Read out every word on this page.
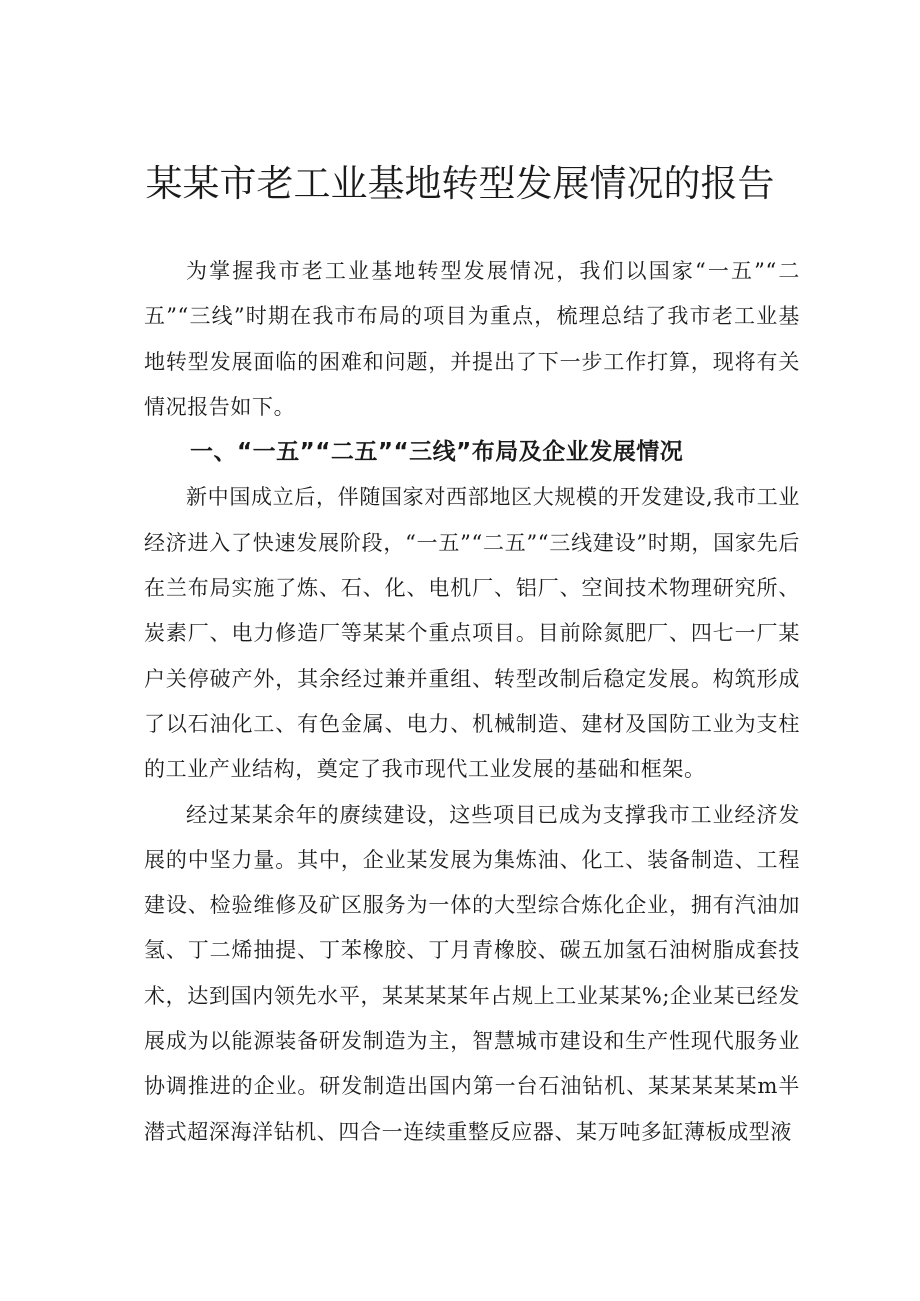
某某市老工业基地转型发展情况的报告

为掌握我市老工业基地转型发展情况，我们以国家“一五”“二五”“三线”时期在我市布局的项目为重点，梳理总结了我市老工业基地转型发展面临的困难和问题，并提出了下一步工作打算，现将有关情况报告如下。

一、“一五”“二五”“三线”布局及企业发展情况

新中国成立后，伴随国家对西部地区大规模的开发建设,我市工业经济进入了快速发展阶段，“一五”“二五”“三线建设”时期，国家先后在兰布局实施了炼、石、化、电机厂、铝厂、空间技术物理研究所、炭素厂、电力修造厂等某某个重点项目。目前除氮肥厂、四七一厂某户关停破产外，其余经过兼并重组、转型改制后稳定发展。构筑形成了以石油化工、有色金属、电力、机械制造、建材及国防工业为支柱的工业产业结构，奠定了我市现代工业发展的基础和框架。

经过某某余年的赓续建设，这些项目已成为支撑我市工业经济发展的中坚力量。其中，企业某发展为集炼油、化工、装备制造、工程建设、检验维修及矿区服务为一体的大型综合炼化企业，拥有汽油加氢、丁二烯抽提、丁苯橡胶、丁月青橡胶、碳五加氢石油树脂成套技术，达到国内领先水平，某某某某年占规上工业某某%;企业某已经发展成为以能源装备研发制造为主，智慧城市建设和生产性现代服务业协调推进的企业。研发制造出国内第一台石油钻机、某某某某某m半潜式超深海洋钻机、四合一连续重整反应器、某万吨多缸薄板成型液
